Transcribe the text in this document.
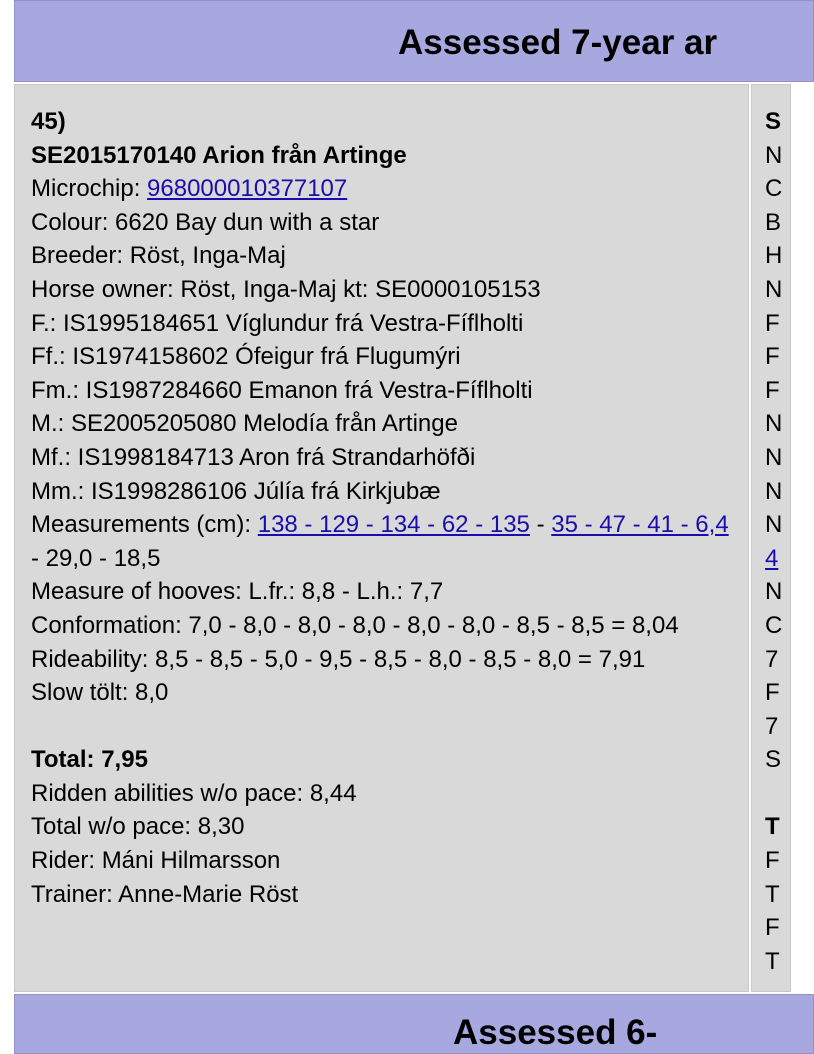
Assessed 7-year ar
45)
SE2015170140 Arion från Artinge
Microchip: 968000010377107
Colour: 6620 Bay dun with a star
Breeder: Röst, Inga-Maj
Horse owner: Röst, Inga-Maj kt: SE0000105153
F.: IS1995184651 Víglundur frá Vestra-Fíflholti
Ff.: IS1974158602 Ófeigur frá Flugumýri
Fm.: IS1987284660 Emanon frá Vestra-Fíflholti
M.: SE2005205080 Melodía från Artinge
Mf.: IS1998184713 Aron frá Strandarhöfði
Mm.: IS1998286106 Júlía frá Kirkjubæ
Measurements (cm): 138 - 129 - 134 - 62 - 135 - 35 - 47 - 41 - 6,4 - 29,0 - 18,5
Measure of hooves: L.fr.: 8,8 - L.h.: 7,7
Conformation: 7,0 - 8,0 - 8,0 - 8,0 - 8,0 - 8,0 - 8,5 - 8,5 = 8,04
Rideability: 8,5 - 8,5 - 5,0 - 9,5 - 8,5 - 8,0 - 8,5 - 8,0 = 7,91
Slow tölt: 8,0
Total: 7,95
Ridden abilities w/o pace: 8,44
Total w/o pace: 8,30
Rider: Máni Hilmarsson
Trainer: Anne-Marie Röst
S
N
C
B
H
N
F
F
F
N
N
N
N
4
N
C
7
F
7
S
T
F
T
F
T
Assessed 6-
